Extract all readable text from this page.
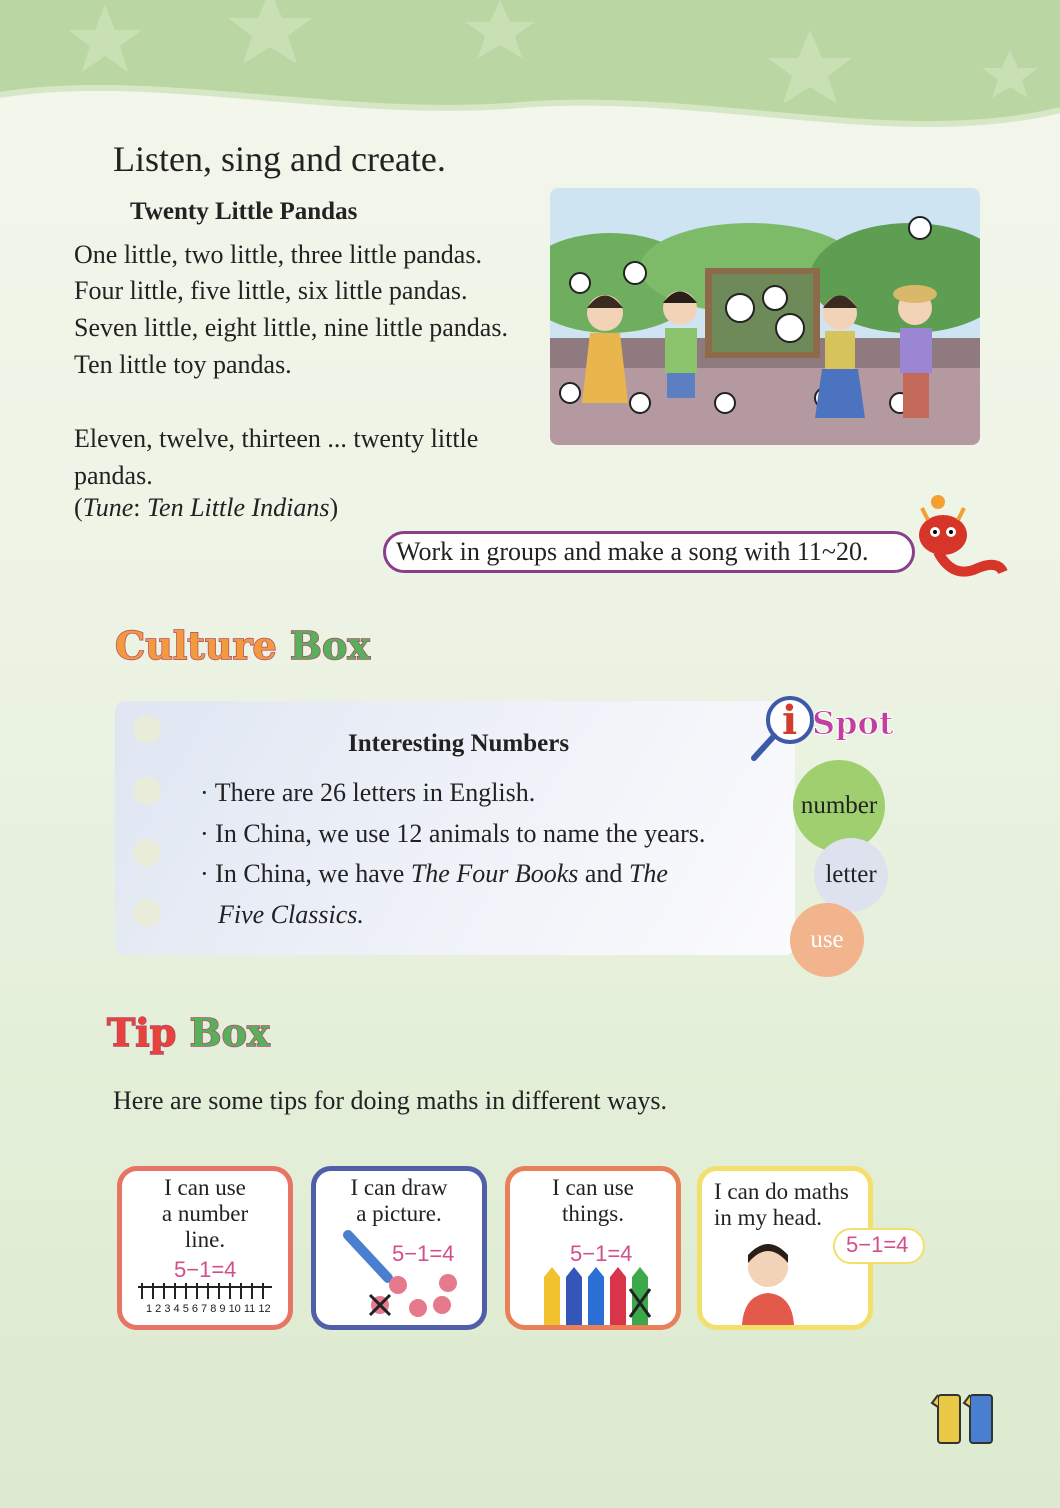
Listen, sing and create.
Twenty Little Pandas
One little, two little, three little pandas.
Four little, five little, six little pandas.
Seven little, eight little, nine little pandas.
Ten little toy pandas.
Eleven, twelve, thirteen ... twenty little pandas.
(Tune: Ten Little Indians)
Work in groups and make a song with 11~20.
Culture Box
Interesting Numbers
· There are 26 letters in English.
· In China, we use 12 animals to name the years.
· In China, we have The Four Books and The
Five Classics.
i Spot
number
letter
use
Tip Box
Here are some tips for doing maths in different ways.
I can use
a number
line.
5−1=4
1 2 3 4 5 6 7 8 9 10 11 12
I can draw
a picture.
5−1=4
I can use
things.
5−1=4
I can do maths
in my head.
5−1=4
